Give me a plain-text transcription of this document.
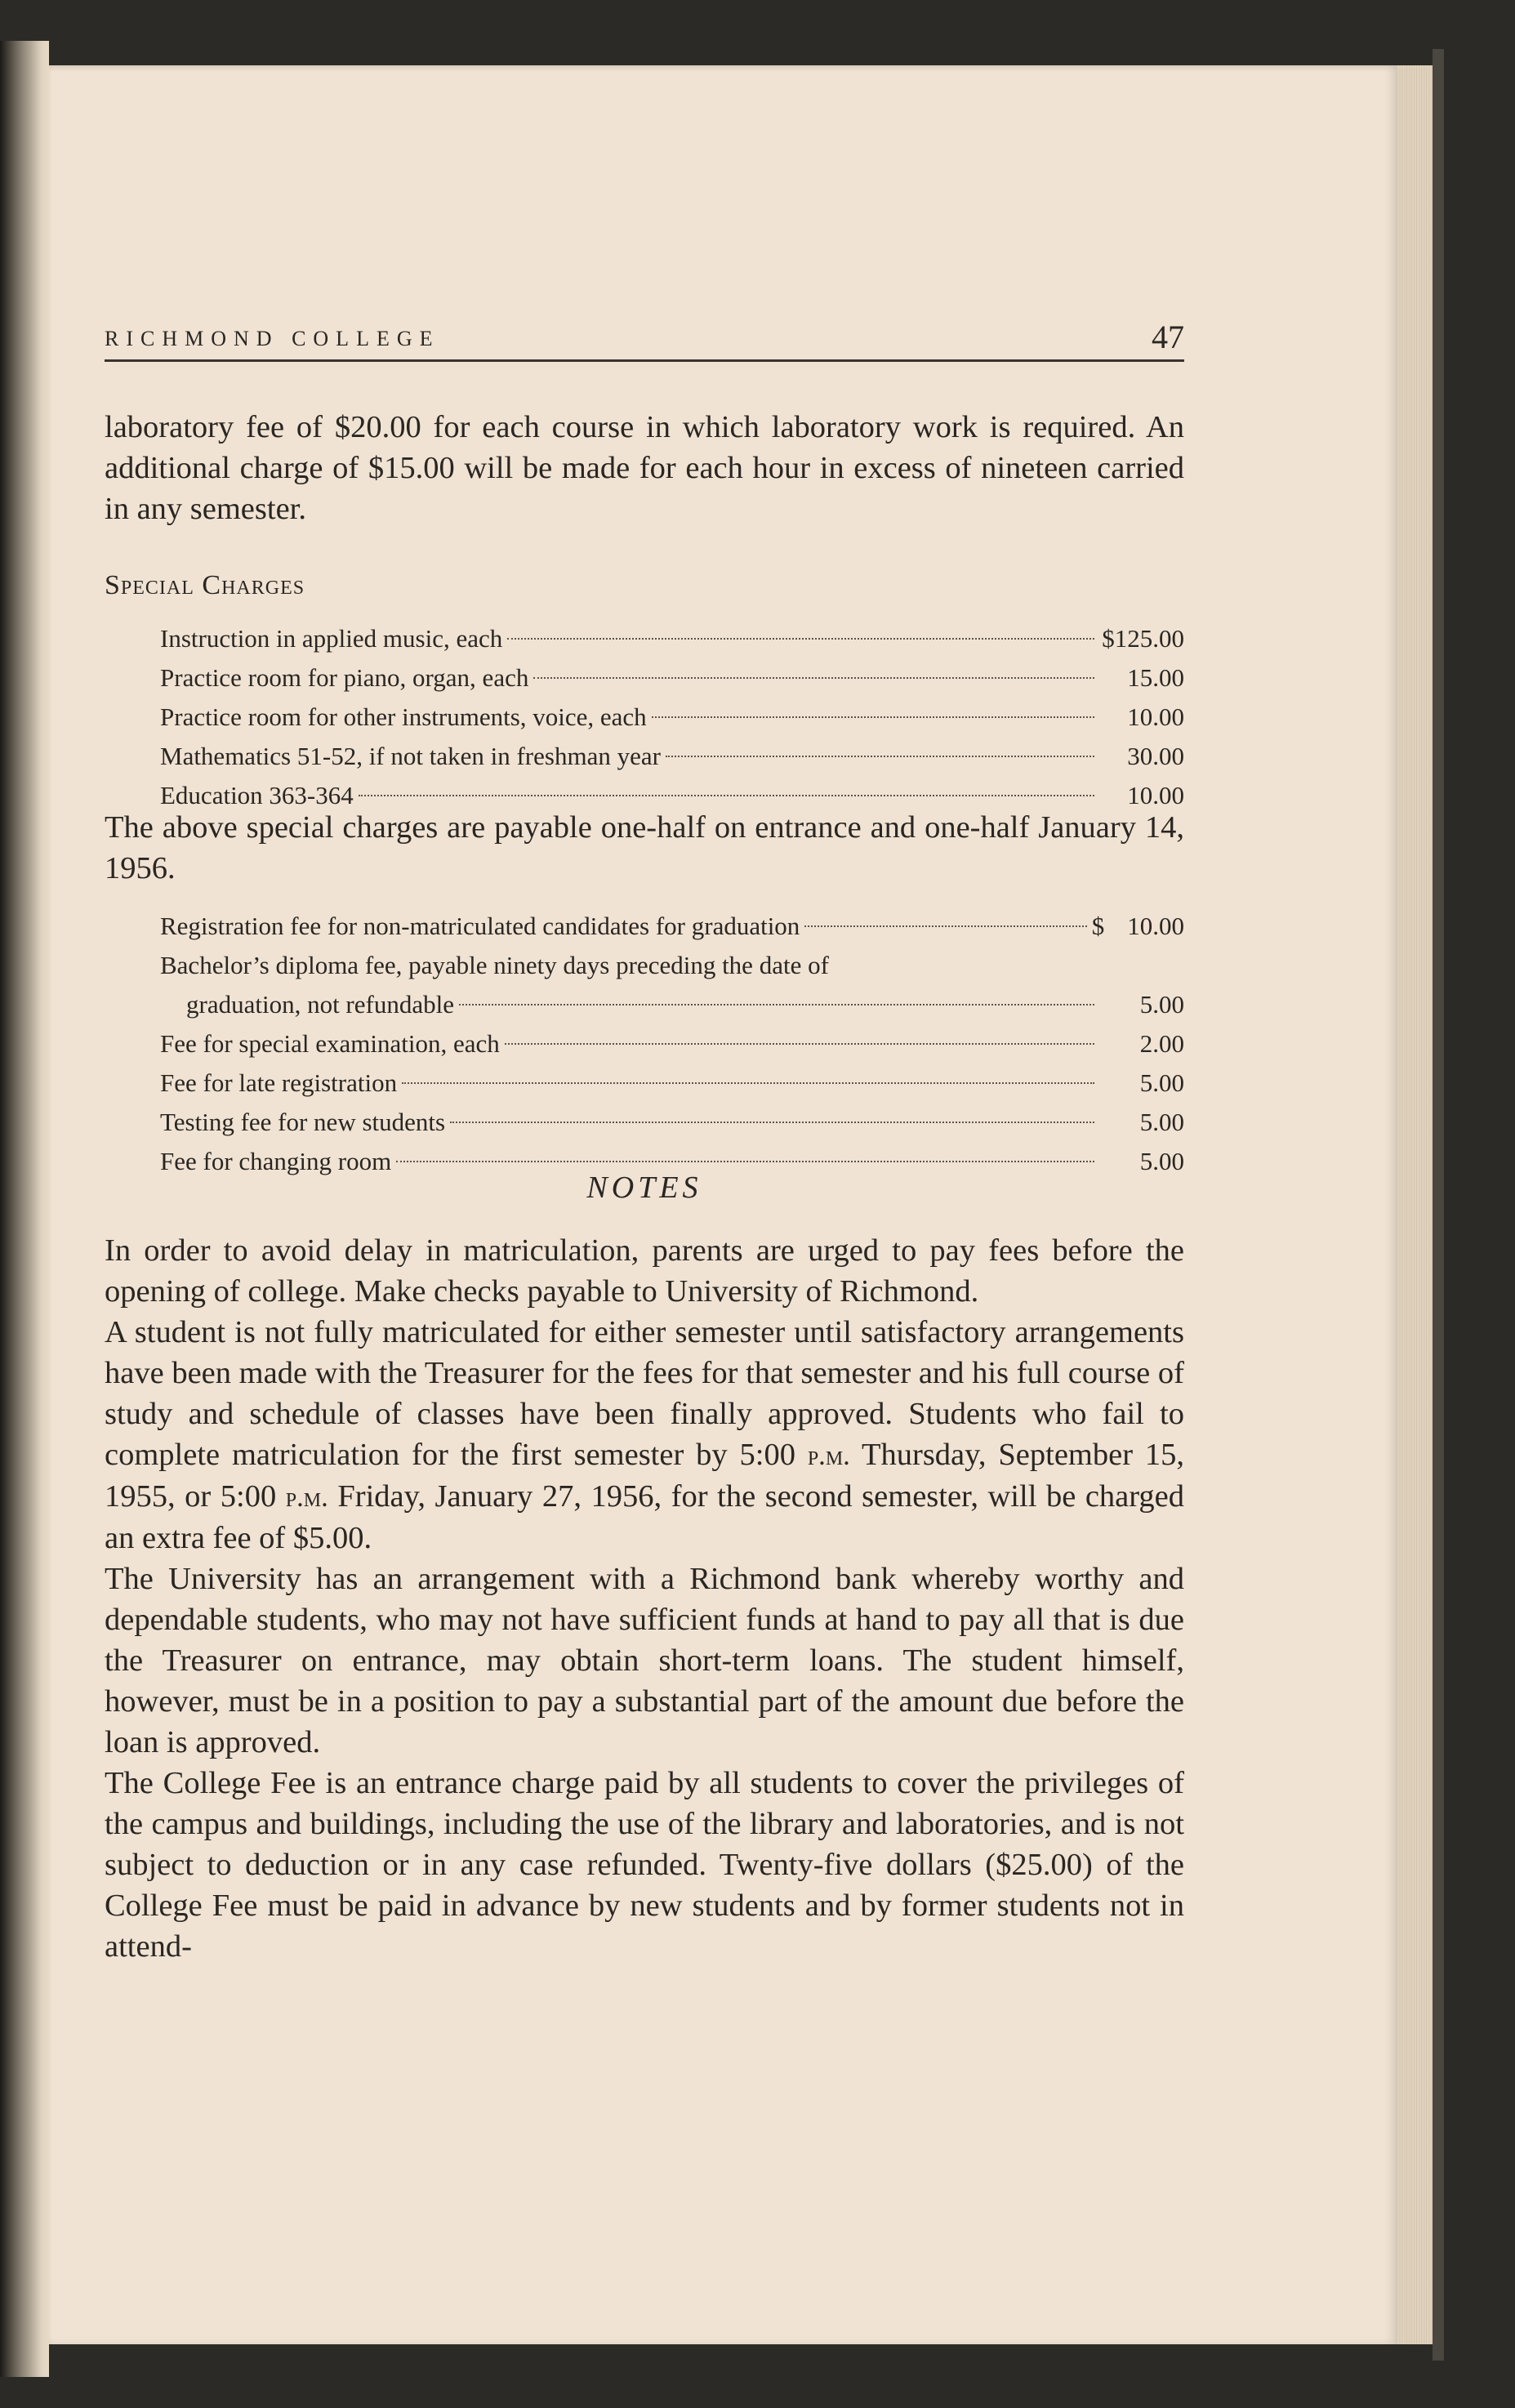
RICHMOND COLLEGE	47
laboratory fee of $20.00 for each course in which laboratory work is required. An additional charge of $15.00 will be made for each hour in excess of nineteen carried in any semester.
Special Charges
Instruction in applied music, each	$125.00
Practice room for piano, organ, each	15.00
Practice room for other instruments, voice, each	10.00
Mathematics 51-52, if not taken in freshman year	30.00
Education 363-364	10.00
The above special charges are payable one-half on entrance and one-half January 14, 1956.
Registration fee for non-matriculated candidates for graduation	$ 10.00
Bachelor’s diploma fee, payable ninety days preceding the date of
graduation, not refundable	5.00
Fee for special examination, each	2.00
Fee for late registration	5.00
Testing fee for new students	5.00
Fee for changing room	5.00
NOTES

In order to avoid delay in matriculation, parents are urged to pay fees before the opening of college. Make checks payable to University of Richmond.

A student is not fully matriculated for either semester until satisfactory arrangements have been made with the Treasurer for the fees for that semester and his full course of study and schedule of classes have been finally approved. Students who fail to complete matriculation for the first semester by 5:00 p.m. Thursday, September 15, 1955, or 5:00 p.m. Friday, January 27, 1956, for the second semester, will be charged an extra fee of $5.00.

The University has an arrangement with a Richmond bank whereby worthy and dependable students, who may not have sufficient funds at hand to pay all that is due the Treasurer on entrance, may obtain short-term loans. The student himself, however, must be in a position to pay a substantial part of the amount due before the loan is approved.

The College Fee is an entrance charge paid by all students to cover the privileges of the campus and buildings, including the use of the library and laboratories, and is not subject to deduction or in any case refunded. Twenty-five dollars ($25.00) of the College Fee must be paid in advance by new students and by former students not in attend-
